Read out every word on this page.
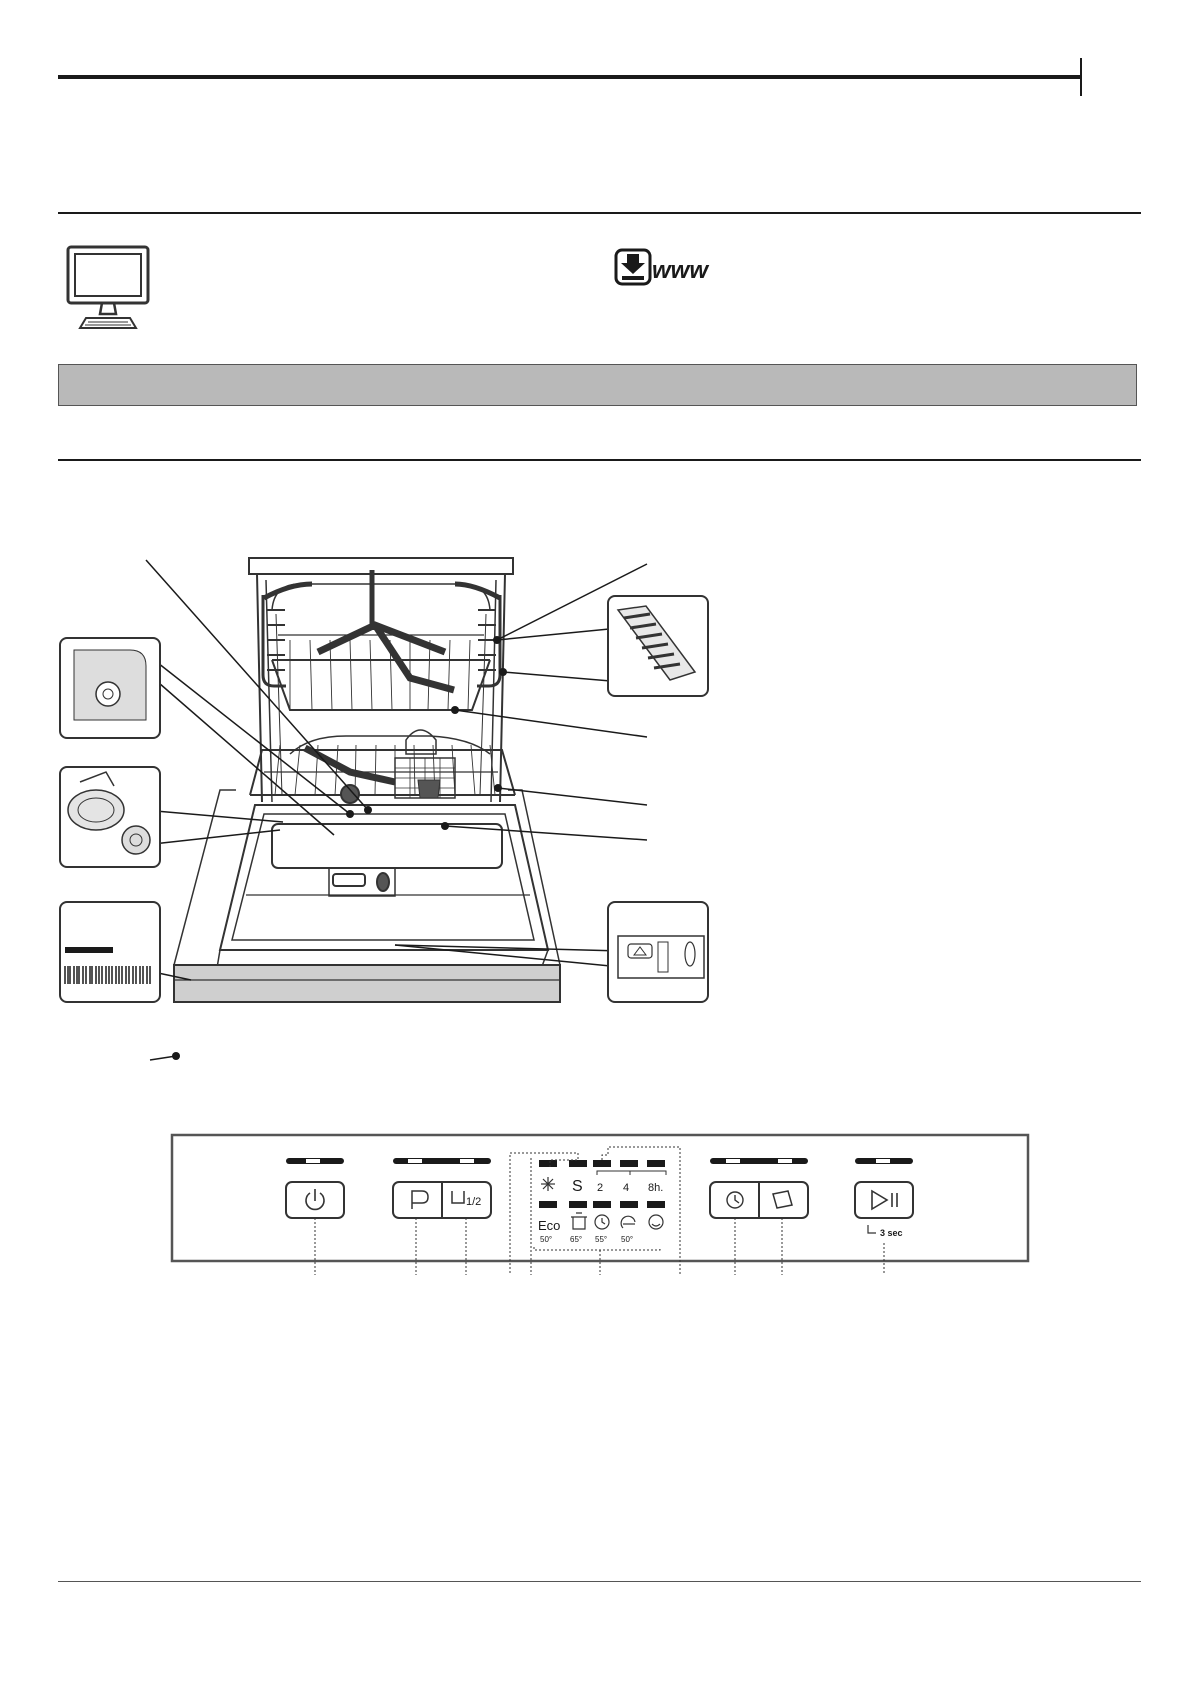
www
1/2
3 sec
S 2 4 8h.
Eco
50° 65° 55° 50°
